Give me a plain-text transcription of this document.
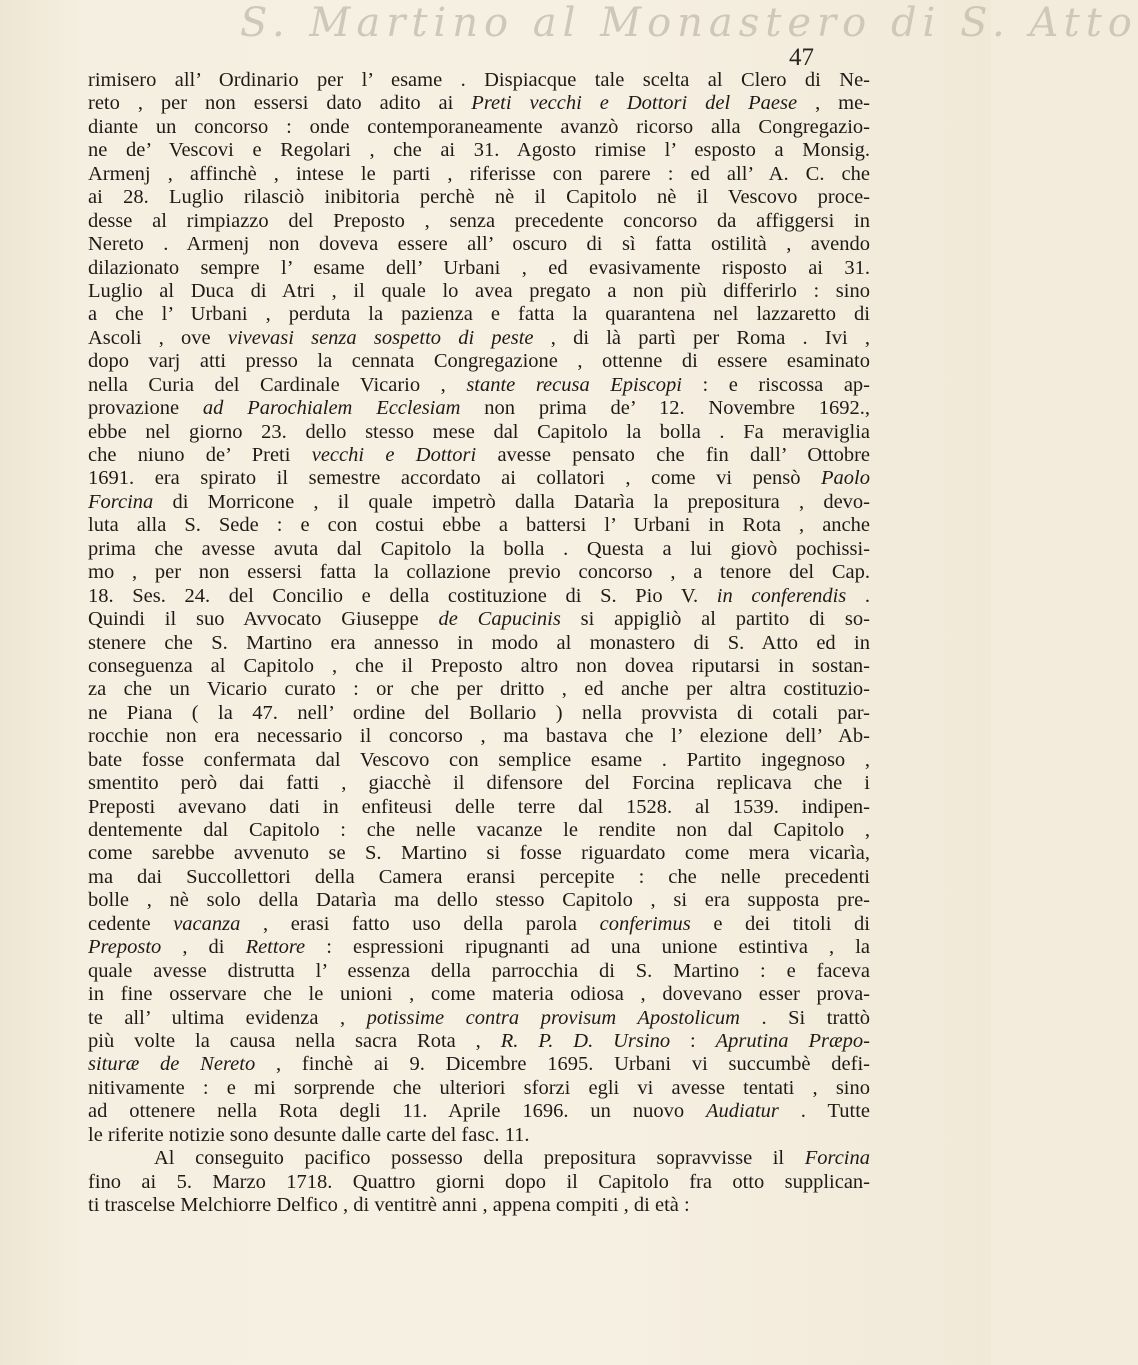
S. Martino al Monastero di S. Atto
47
rimisero all’ Ordinario per l’ esame . Dispiacque tale scelta al Clero di Ne-
reto , per non essersi dato adito ai Preti vecchi e Dottori del Paese , me-
diante un concorso : onde contemporaneamente avanzò ricorso alla Congregazio-
ne de’ Vescovi e Regolari , che ai 31. Agosto rimise l’ esposto a Monsig.
Armenj , affinchè , intese le parti , riferisse con parere : ed all’ A. C. che
ai 28. Luglio rilasciò inibitoria perchè nè il Capitolo nè il Vescovo proce-
desse al rimpiazzo del Preposto , senza precedente concorso da affiggersi in
Nereto . Armenj non doveva essere all’ oscuro di sì fatta ostilità , avendo
dilazionato sempre l’ esame dell’ Urbani , ed evasivamente risposto ai 31.
Luglio al Duca di Atri , il quale lo avea pregato a non più differirlo : sino
a che l’ Urbani , perduta la pazienza e fatta la quarantena nel lazzaretto di
Ascoli , ove vivevasi senza sospetto di peste , di là partì per Roma . Ivi ,
dopo varj atti presso la cennata Congregazione , ottenne di essere esaminato
nella Curia del Cardinale Vicario , stante recusa Episcopi : e riscossa ap-
provazione ad Parochialem Ecclesiam non prima de’ 12. Novembre 1692.,
ebbe nel giorno 23. dello stesso mese dal Capitolo la bolla . Fa meraviglia
che niuno de’ Preti vecchi e Dottori avesse pensato che fin dall’ Ottobre
1691. era spirato il semestre accordato ai collatori , come vi pensò Paolo
Forcina di Morricone , il quale impetrò dalla Datarìa la prepositura , devo-
luta alla S. Sede : e con costui ebbe a battersi l’ Urbani in Rota , anche
prima che avesse avuta dal Capitolo la bolla . Questa a lui giovò pochissi-
mo , per non essersi fatta la collazione previo concorso , a tenore del Cap.
18. Ses. 24. del Concilio e della costituzione di S. Pio V. in conferendis .
Quindi il suo Avvocato Giuseppe de Capucinis si appigliò al partito di so-
stenere che S. Martino era annesso in modo al monastero di S. Atto ed in
conseguenza al Capitolo , che il Preposto altro non dovea riputarsi in sostan-
za che un Vicario curato : or che per dritto , ed anche per altra costituzio-
ne Piana ( la 47. nell’ ordine del Bollario ) nella provvista di cotali par-
rocchie non era necessario il concorso , ma bastava che l’ elezione dell’ Ab-
bate fosse confermata dal Vescovo con semplice esame . Partito ingegnoso ,
smentito però dai fatti , giacchè il difensore del Forcina replicava che i
Preposti avevano dati in enfiteusi delle terre dal 1528. al 1539. indipen-
dentemente dal Capitolo : che nelle vacanze le rendite non dal Capitolo ,
come sarebbe avvenuto se S. Martino si fosse riguardato come mera vicarìa,
ma dai Succollettori della Camera eransi percepite : che nelle precedenti
bolle , nè solo della Datarìa ma dello stesso Capitolo , si era supposta pre-
cedente vacanza , erasi fatto uso della parola conferimus e dei titoli di
Preposto , di Rettore : espressioni ripugnanti ad una unione estintiva , la
quale avesse distrutta l’ essenza della parrocchia di S. Martino : e faceva
in fine osservare che le unioni , come materia odiosa , dovevano esser prova-
te all’ ultima evidenza , potissime contra provisum Apostolicum . Si trattò
più volte la causa nella sacra Rota , R. P. D. Ursino : Aprutina Præpo-
situræ de Nereto , finchè ai 9. Dicembre 1695. Urbani vi succumbè defi-
nitivamente : e mi sorprende che ulteriori sforzi egli vi avesse tentati , sino
ad ottenere nella Rota degli 11. Aprile 1696. un nuovo Audiatur . Tutte
le riferite notizie sono desunte dalle carte del fasc. 11.
Al conseguito pacifico possesso della prepositura sopravvisse il Forcina
fino ai 5. Marzo 1718. Quattro giorni dopo il Capitolo fra otto supplican-
ti trascelse Melchiorre Delfico , di ventitrè anni , appena compiti , di età :
